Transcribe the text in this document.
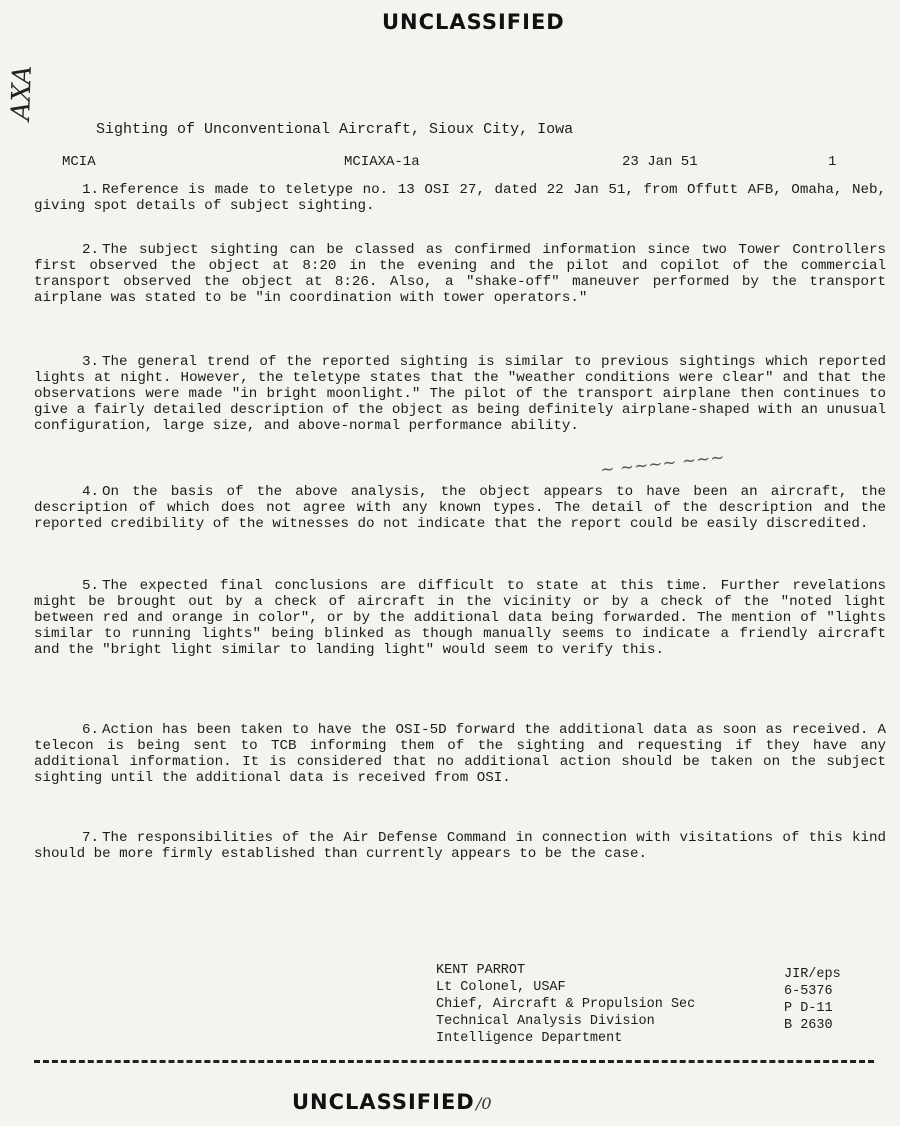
UNCLASSIFIED
AXA
Sighting of Unconventional Aircraft, Sioux City, Iowa
MCIA	MCIAXA-1a	23 Jan 51	1
1. Reference is made to teletype no. 13 OSI 27, dated 22 Jan 51, from Offutt AFB, Omaha, Neb, giving spot details of subject sighting.
2. The subject sighting can be classed as confirmed information since two Tower Controllers first observed the object at 8:20 in the evening and the pilot and copilot of the commercial transport observed the object at 8:26. Also, a "shake-off" maneuver performed by the transport airplane was stated to be "in coordination with tower operators."
3. The general trend of the reported sighting is similar to previous sightings which reported lights at night. However, the teletype states that the "weather conditions were clear" and that the observations were made "in bright moonlight." The pilot of the transport airplane then continues to give a fairly detailed description of the object as being definitely airplane-shaped with an unusual configuration, large size, and above-normal performance ability.
~ ~~~~ ~~~
4. On the basis of the above analysis, the object appears to have been an aircraft, the description of which does not agree with any known types. The detail of the description and the reported credibility of the witnesses do not indicate that the report could be easily discredited.
5. The expected final conclusions are difficult to state at this time. Further revelations might be brought out by a check of aircraft in the vicinity or by a check of the "noted light between red and orange in color", or by the additional data being forwarded. The mention of "lights similar to running lights" being blinked as though manually seems to indicate a friendly aircraft and the "bright light similar to landing light" would seem to verify this.
6. Action has been taken to have the OSI-5D forward the additional data as soon as received. A telecon is being sent to TCB informing them of the sighting and requesting if they have any additional information. It is considered that no additional action should be taken on the subject sighting until the additional data is received from OSI.
7. The responsibilities of the Air Defense Command in connection with visitations of this kind should be more firmly established than currently appears to be the case.
KENT PARROT
Lt Colonel, USAF
Chief, Aircraft & Propulsion Sec
Technical Analysis Division
Intelligence Department
JIR/eps
6-5376
P D-11
B 2630
UNCLASSIFIED /0
